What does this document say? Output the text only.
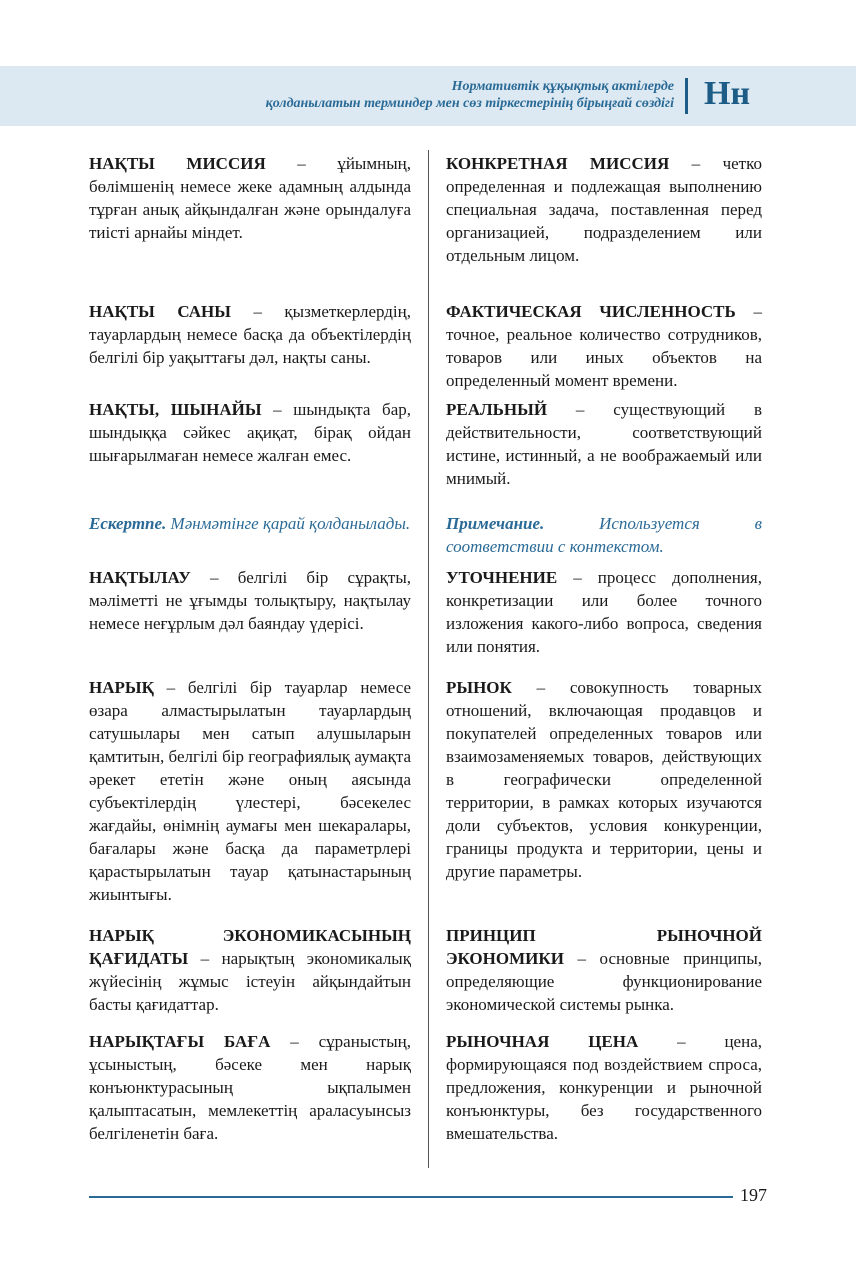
Нормативтік құқықтық актілерде
қолданылатын терминдер мен сөз тіркестерінің бірыңғай сөздігі Нн

НАҚТЫ МИССИЯ – ұйымның, бөлімшенің немесе жеке адамның алдында тұрған анық айқындалған және орындалуға тиісті арнайы міндет.

НАҚТЫ САНЫ – қызметкерлердің, тауарлардың немесе басқа да объектілердің белгілі бір уақыттағы дәл, нақты саны.

НАҚТЫ, ШЫНАЙЫ – шындықта бар, шындыққа сәйкес ақиқат, бірақ ойдан шығарылмаған немесе жалған емес.

Ескертпе. Мәнмәтінге қарай қолданылады.

НАҚТЫЛАУ – белгілі бір сұрақты, мәліметті не ұғымды толықтыру, нақтылау немесе неғұрлым дәл баяндау үдерісі.

НАРЫҚ – белгілі бір тауарлар немесе өзара алмастырылатын тауарлардың сатушылары мен сатып алушыларын қамтитын, белгілі бір географиялық аумақта әрекет ететін және оның аясында субъектілердің үлестері, бәсекелес жағдайы, өнімнің аумағы мен шекаралары, бағалары және басқа да параметрлері қарастырылатын тауар қатынастарының жиынтығы.

НАРЫҚ ЭКОНОМИКАСЫНЫҢ ҚАҒИДАТЫ – нарықтың экономикалық жүйесінің жұмыс істеуін айқындайтын басты қағидаттар.

НАРЫҚТАҒЫ БАҒА – сұраныстың, ұсыныстың, бәсеке мен нарық конъюнктурасының ықпалымен қалыптасатын, мемлекеттің араласуынсыз белгіленетін баға.

КОНКРЕТНАЯ МИССИЯ – четко определенная и подлежащая выполнению специальная задача, поставленная перед организацией, подразделением или отдельным лицом.

ФАКТИЧЕСКАЯ ЧИСЛЕННОСТЬ – точное, реальное количество сотрудников, товаров или иных объектов на определенный момент времени.

РЕАЛЬНЫЙ – существующий в действительности, соответствующий истине, истинный, а не воображаемый или мнимый.

Примечание. Используется в соответствии с контекстом.

УТОЧНЕНИЕ – процесс дополнения, конкретизации или более точного изложения какого-либо вопроса, сведения или понятия.

РЫНОК – совокупность товарных отношений, включающая продавцов и покупателей определенных товаров или взаимозаменяемых товаров, действующих в географически определенной территории, в рамках которых изучаются доли субъектов, условия конкуренции, границы продукта и территории, цены и другие параметры.

ПРИНЦИП РЫНОЧНОЙ ЭКОНОМИКИ – основные принципы, определяющие функционирование экономической системы рынка.

РЫНОЧНАЯ ЦЕНА – цена, формирующаяся под воздействием спроса, предложения, конкуренции и рыночной конъюнктуры, без государственного вмешательства.

197
